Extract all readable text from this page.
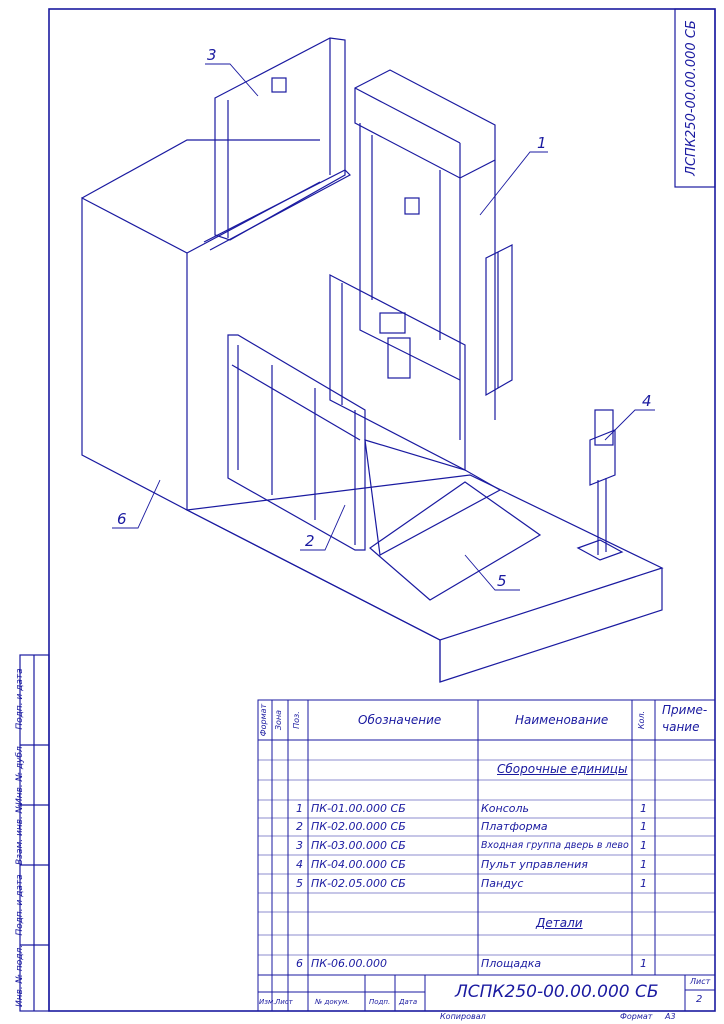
ЛСПК250-00.00.000 СБ
3
1
4
2
5
6
Подп. и дата
Инв. № дубл.
Взам. инв. №
Подп. и дата
Инв. № подл.
Формат Зона	Поз.	Обозначение	Наименование	Кол.
Приме-
чание
Сборочные единицы
Детали
1 ПК-01.00.000 СБ	Консоль	1
2 ПК-02.00.000 СБ	Платформа	1
3 ПК-03.00.000 СБ	Входная группа дверь в лево 1
4 ПК-04.00.000 СБ	Пульт управления	1
5 ПК-02.05.000 СБ	Пандус	1
6 ПК-06.00.000	Площадка	1
ЛСПК250-00.00.000 СБ
Лист
2
Изм. Лист	№ докум.	Подп. Дата
Копировал	Формат А3
